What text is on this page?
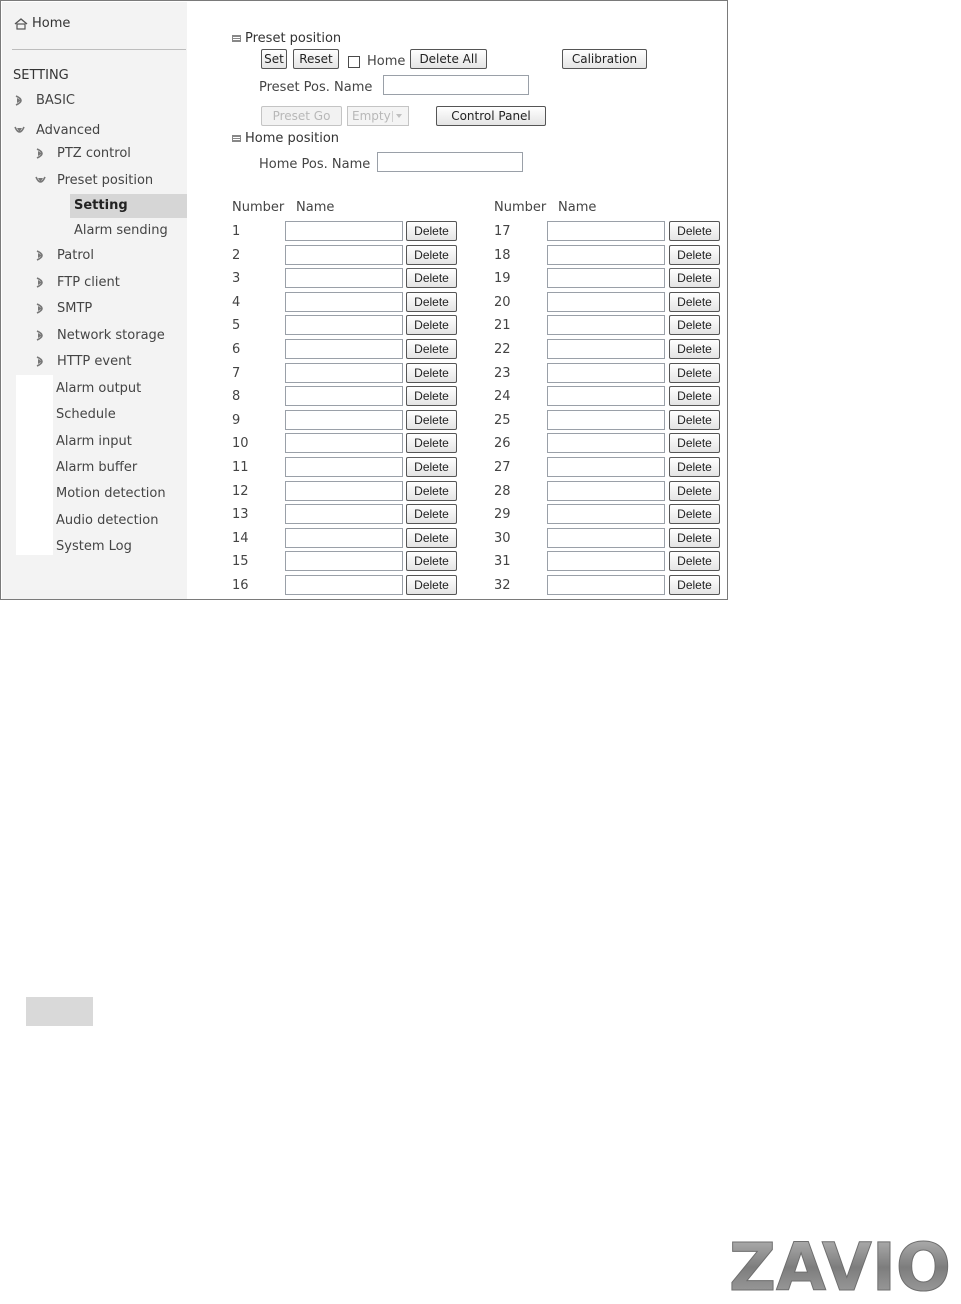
Home
SETTING
BASIC
Advanced
PTZ control
Preset position
Setting
Alarm sending
Patrol
FTP client
SMTP
Network storage
HTTP event
Alarm output
Schedule
Alarm input
Alarm buffer
Motion detection
Audio detection
System Log
Preset position
Set	Reset	Home	Delete All	Calibration
Preset Pos. Name
Preset Go	Empty	Control Panel
Home position
Home Pos. Name
Number Name	Number Name
1	Delete
2	Delete
3	Delete
4	Delete
5	Delete
6	Delete
7	Delete
8	Delete
9	Delete
10	Delete
11	Delete
12	Delete
13	Delete
14	Delete
15	Delete
16	Delete
17	Delete
18	Delete
19	Delete
20	Delete
21	Delete
22	Delete
23	Delete
24	Delete
25	Delete
26	Delete
27	Delete
28	Delete
29	Delete
30	Delete
31	Delete
32	Delete
ZAVIO
